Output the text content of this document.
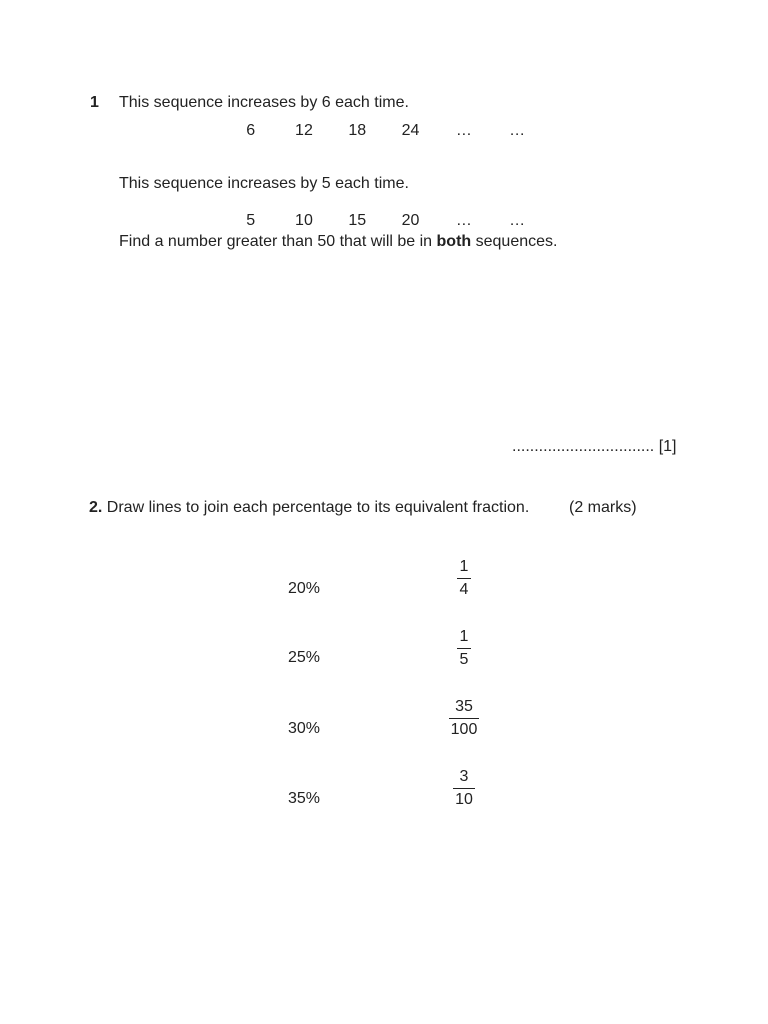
1 This sequence increases by 6 each time.
6	12	18	24	…	…
This sequence increases by 5 each time.
5	10	15	20	…	…
Find a number greater than 50 that will be in both sequences.
................................ [1]
2. Draw lines to join each percentage to its equivalent fraction. (2 marks)
20%
25%
30%
35%
1
4
1
5
35
100
3
10
